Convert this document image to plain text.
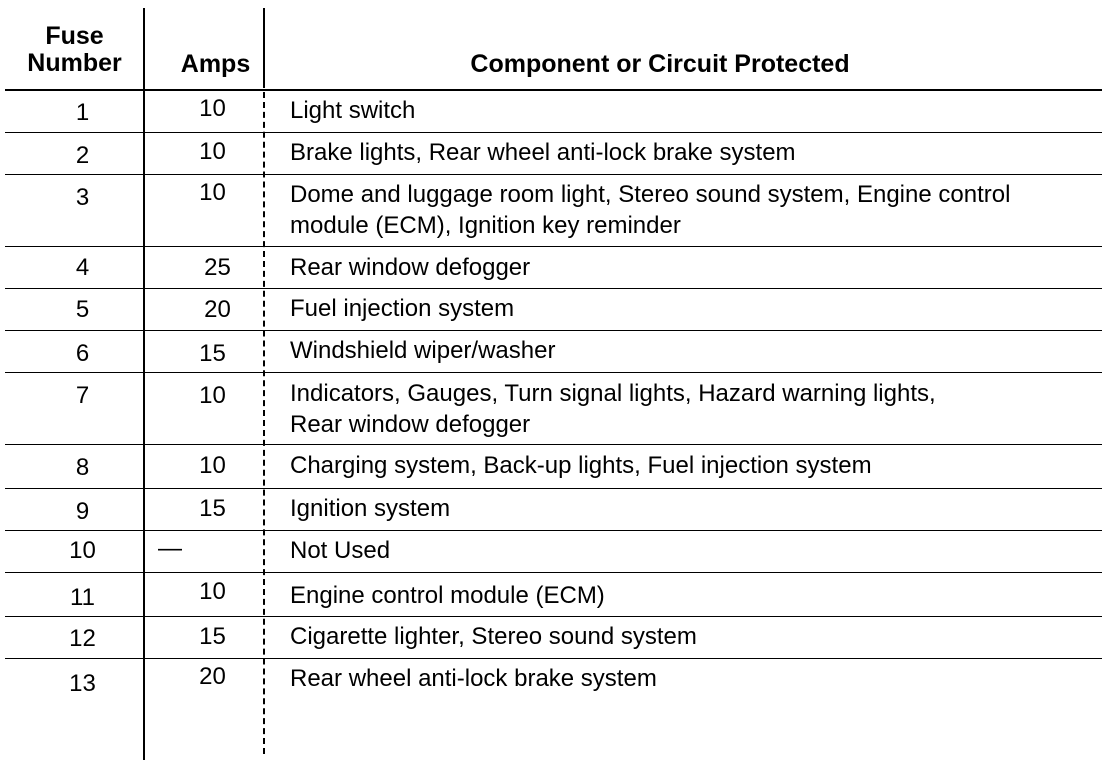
Fuse
Number	Amps	Component or Circuit Protected
1	10	Light switch
2	10	Brake lights, Rear wheel anti-lock brake system
3	10	Dome and luggage room light, Stereo sound system, Engine control
module (ECM), Ignition key reminder
4	25	Rear window defogger
5	20	Fuel injection system
6	15	Windshield wiper/washer
7	10	Indicators, Gauges, Turn signal lights, Hazard warning lights,
Rear window defogger
8	10	Charging system, Back-up lights, Fuel injection system
9	15	Ignition system
10	—	Not Used
11	10	Engine control module (ECM)
12	15	Cigarette lighter, Stereo sound system
13	20	Rear wheel anti-lock brake system
